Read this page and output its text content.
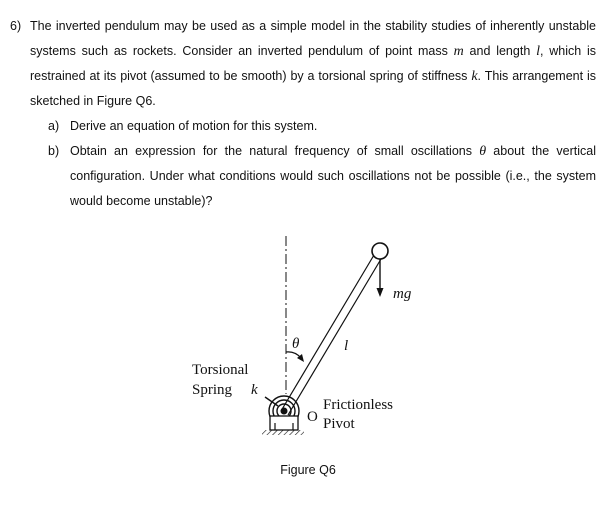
6) The inverted pendulum may be used as a simple model in the stability studies of inherently unstable
systems such as rockets. Consider an inverted pendulum of point mass m and length l, which is
restrained at its pivot (assumed to be smooth) by a torsional spring of stiffness k. This arrangement is
sketched in Figure Q6.
a) Derive an equation of motion for this system.
b) Obtain an expression for the natural frequency of small oscillations θ about the vertical
configuration. Under what conditions would such oscillations not be possible (i.e., the system
would become unstable)?
mg
l
θ
Torsional
Spring k
O
Frictionless
Pivot
Figure Q6
